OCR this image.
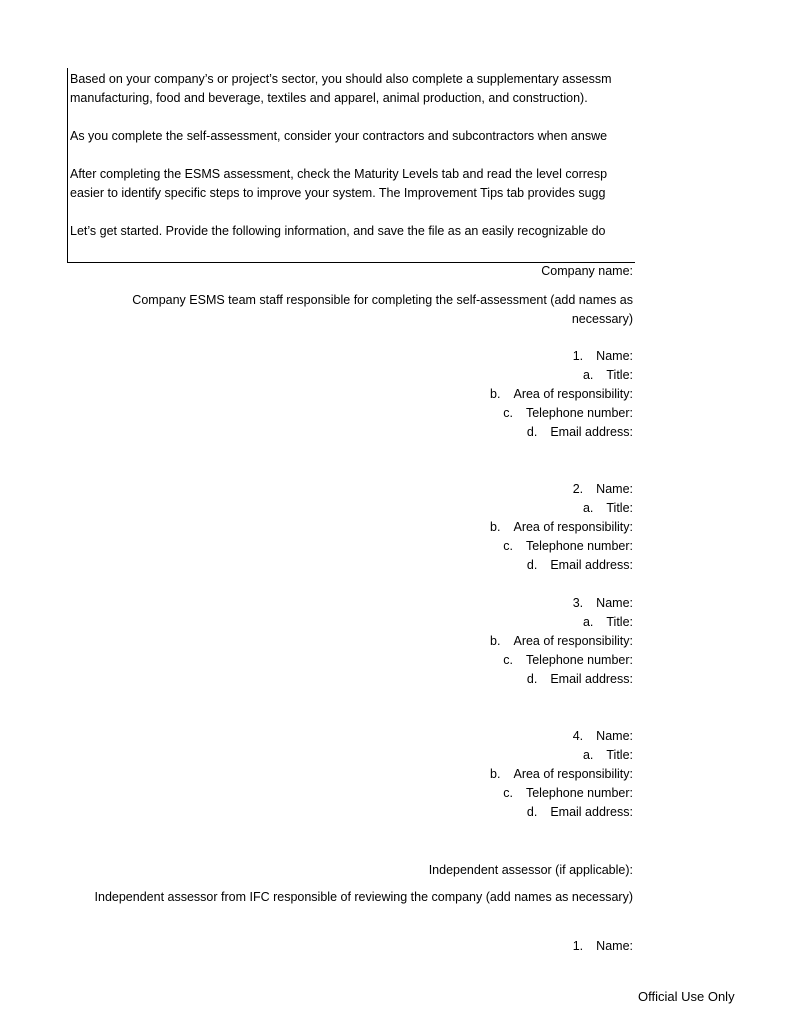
Based on your company’s or project’s sector, you should also complete a supplementary assessm
manufacturing, food and beverage, textiles and apparel, animal production, and construction).
As you complete the self-assessment, consider your contractors and subcontractors when answe
After completing the ESMS assessment, check the Maturity Levels tab and read the level corresp
easier to identify specific steps to improve your system. The Improvement Tips tab provides sugg
Let’s get started. Provide the following information, and save the file as an easily recognizable do
Company name:
Company ESMS team staff responsible for completing the self-assessment (add names as
necessary)
1. Name:
a. Title:
b. Area of responsibility:
c. Telephone number:
d. Email address:
2. Name:
a. Title:
b. Area of responsibility:
c. Telephone number:
d. Email address:
3. Name:
a. Title:
b. Area of responsibility:
c. Telephone number:
d. Email address:
4. Name:
a. Title:
b. Area of responsibility:
c. Telephone number:
d. Email address:
Independent assessor (if applicable):
Independent assessor from IFC responsible of reviewing the company (add names as necessary)
1. Name:
Official Use Only
